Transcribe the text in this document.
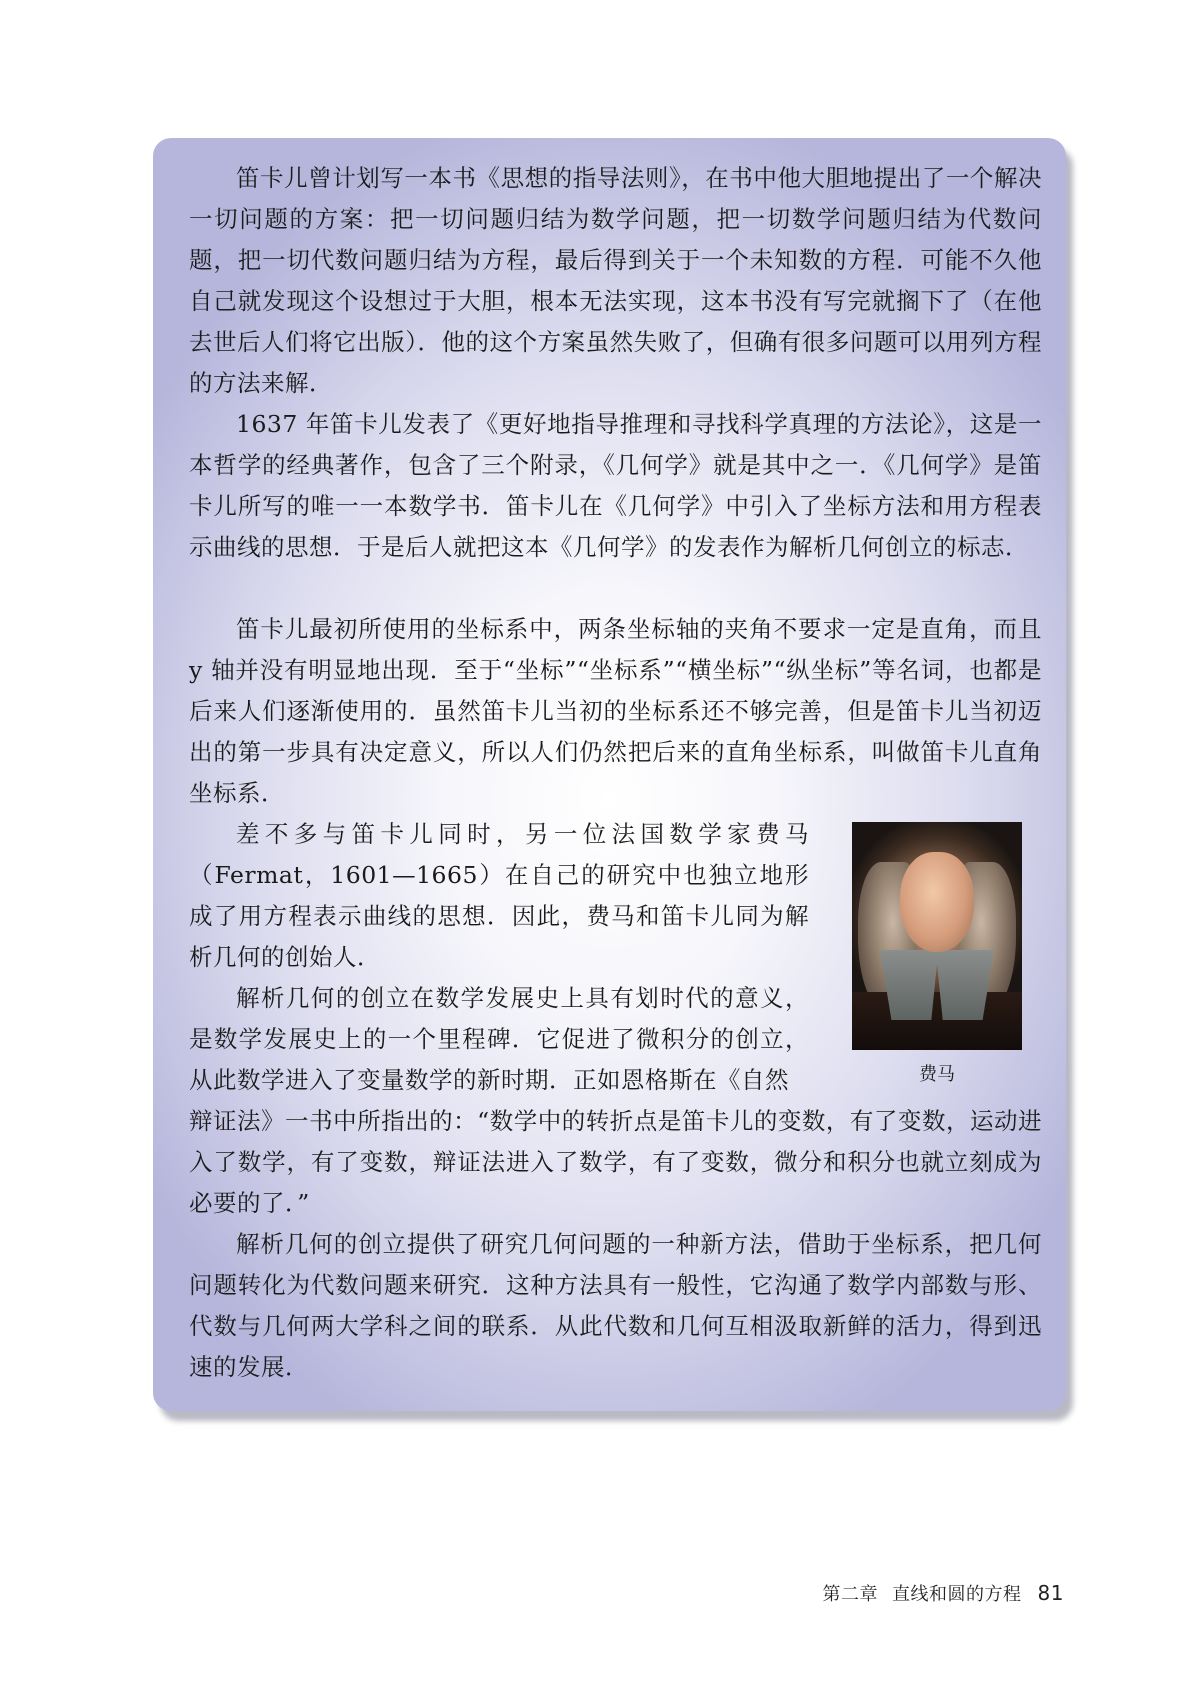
笛卡儿曾计划写一本书《思想的指导法则》，在书中他大胆地提出了一个解决一切问题的方案：把一切问题归结为数学问题，把一切数学问题归结为代数问题，把一切代数问题归结为方程，最后得到关于一个未知数的方程．可能不久他自己就发现这个设想过于大胆，根本无法实现，这本书没有写完就搁下了（在他去世后人们将它出版）．他的这个方案虽然失败了，但确有很多问题可以用列方程的方法来解．

1637 年笛卡儿发表了《更好地指导推理和寻找科学真理的方法论》，这是一本哲学的经典著作，包含了三个附录，《几何学》就是其中之一．《几何学》是笛卡儿所写的唯一一本数学书．笛卡儿在《几何学》中引入了坐标方法和用方程表示曲线的思想．于是后人就把这本《几何学》的发表作为解析几何创立的标志．

笛卡儿最初所使用的坐标系中，两条坐标轴的夹角不要求一定是直角，而且 y 轴并没有明显地出现．至于“坐标”“坐标系”“横坐标”“纵坐标”等名词，也都是后来人们逐渐使用的．虽然笛卡儿当初的坐标系还不够完善，但是笛卡儿当初迈出的第一步具有决定意义，所以人们仍然把后来的直角坐标系，叫做笛卡儿直角坐标系．

差不多与笛卡儿同时，另一位法国数学家费马（Fermat，1601—1665）在自己的研究中也独立地形成了用方程表示曲线的思想．因此，费马和笛卡儿同为解析几何的创始人．

解析几何的创立在数学发展史上具有划时代的意义，是数学发展史上的一个里程碑．它促进了微积分的创立，从此数学进入了变量数学的新时期．正如恩格斯在《自然
辩证法》一书中所指出的：“数学中的转折点是笛卡儿的变数，有了变数，运动进入了数学，有了变数，辩证法进入了数学，有了变数，微分和积分也就立刻成为必要的了．”

解析几何的创立提供了研究几何问题的一种新方法，借助于坐标系，把几何问题转化为代数问题来研究．这种方法具有一般性，它沟通了数学内部数与形、代数与几何两大学科之间的联系．从此代数和几何互相汲取新鲜的活力，得到迅速的发展．

费马
第二章 直线和圆的方程 81
